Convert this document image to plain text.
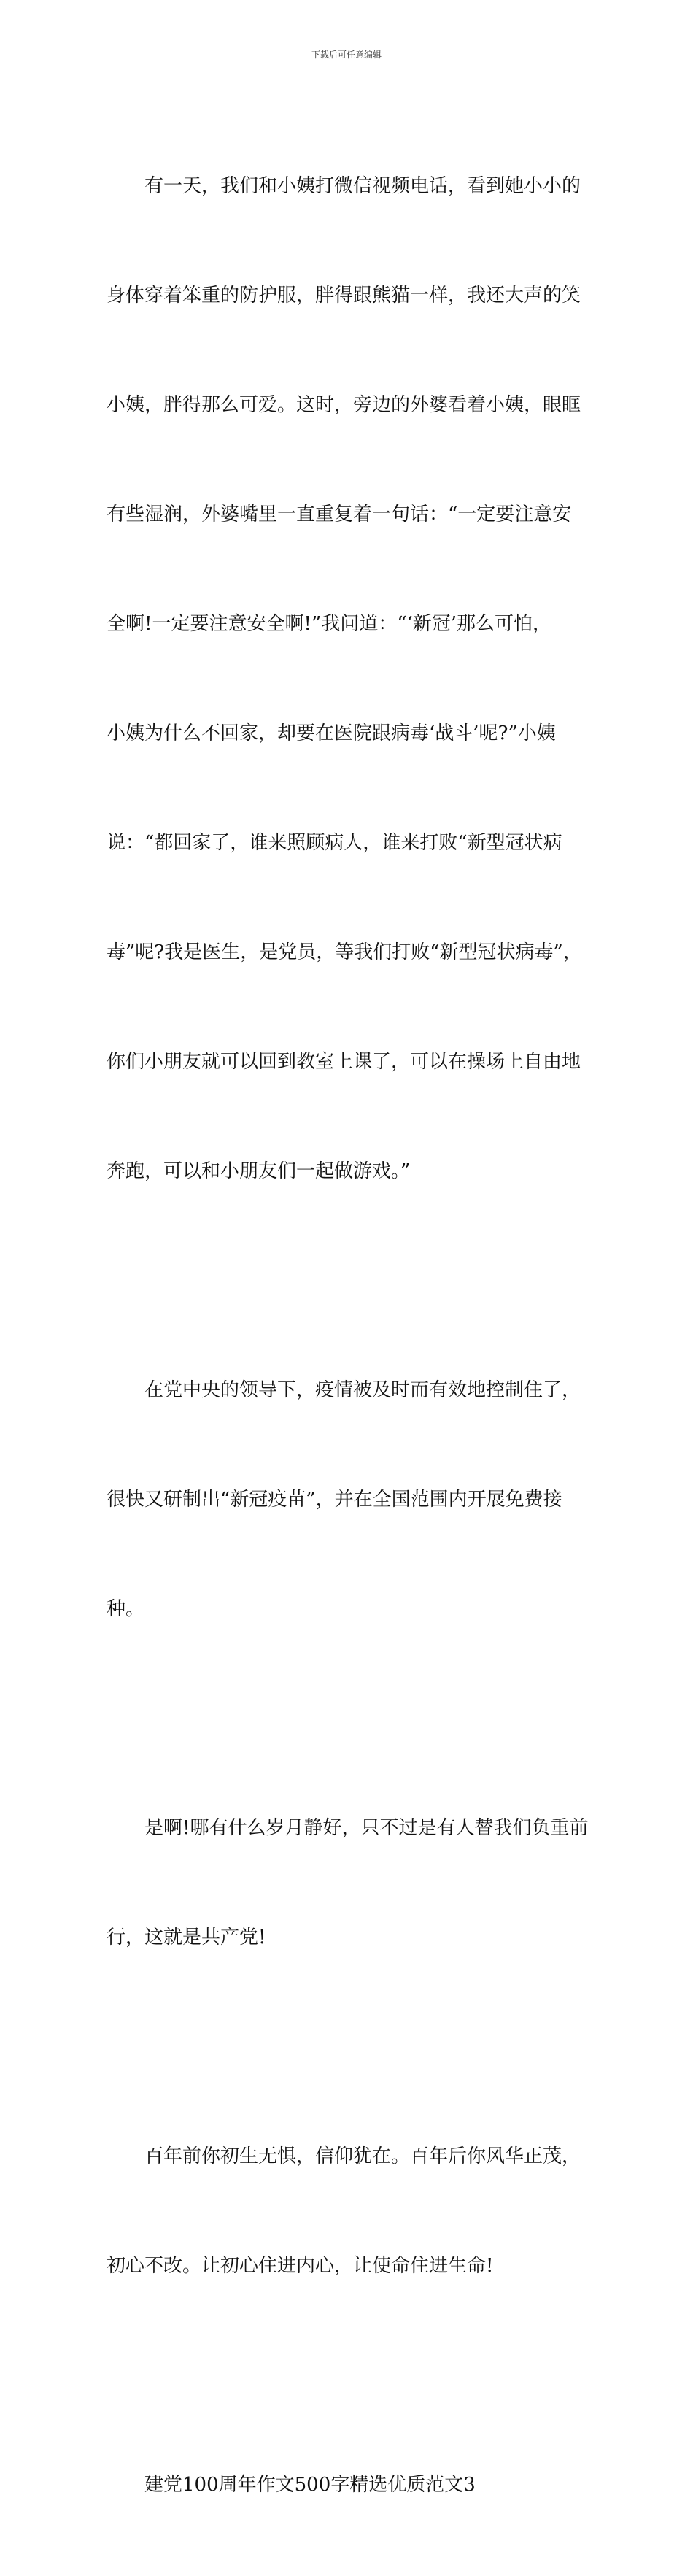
下载后可任意编辑

有一天，我们和小姨打微信视频电话，看到她小小的

身体穿着笨重的防护服，胖得跟熊猫一样，我还大声的笑

小姨，胖得那么可爱。这时，旁边的外婆看着小姨，眼眶

有些湿润，外婆嘴里一直重复着一句话：“一定要注意安

全啊!一定要注意安全啊!”我问道：“‘新冠’那么可怕，

小姨为什么不回家，却要在医院跟病毒‘战斗’呢?”小姨

说：“都回家了，谁来照顾病人，谁来打败“新型冠状病

毒”呢?我是医生，是党员，等我们打败“新型冠状病毒”，

你们小朋友就可以回到教室上课了，可以在操场上自由地

奔跑，可以和小朋友们一起做游戏。”

在党中央的领导下，疫情被及时而有效地控制住了，

很快又研制出“新冠疫苗”，并在全国范围内开展免费接

种。

是啊!哪有什么岁月静好，只不过是有人替我们负重前

行，这就是共产党!

百年前你初生无惧，信仰犹在。百年后你风华正茂，

初心不改。让初心住进内心，让使命住进生命!

建党100周年作文500字精选优质范文3
